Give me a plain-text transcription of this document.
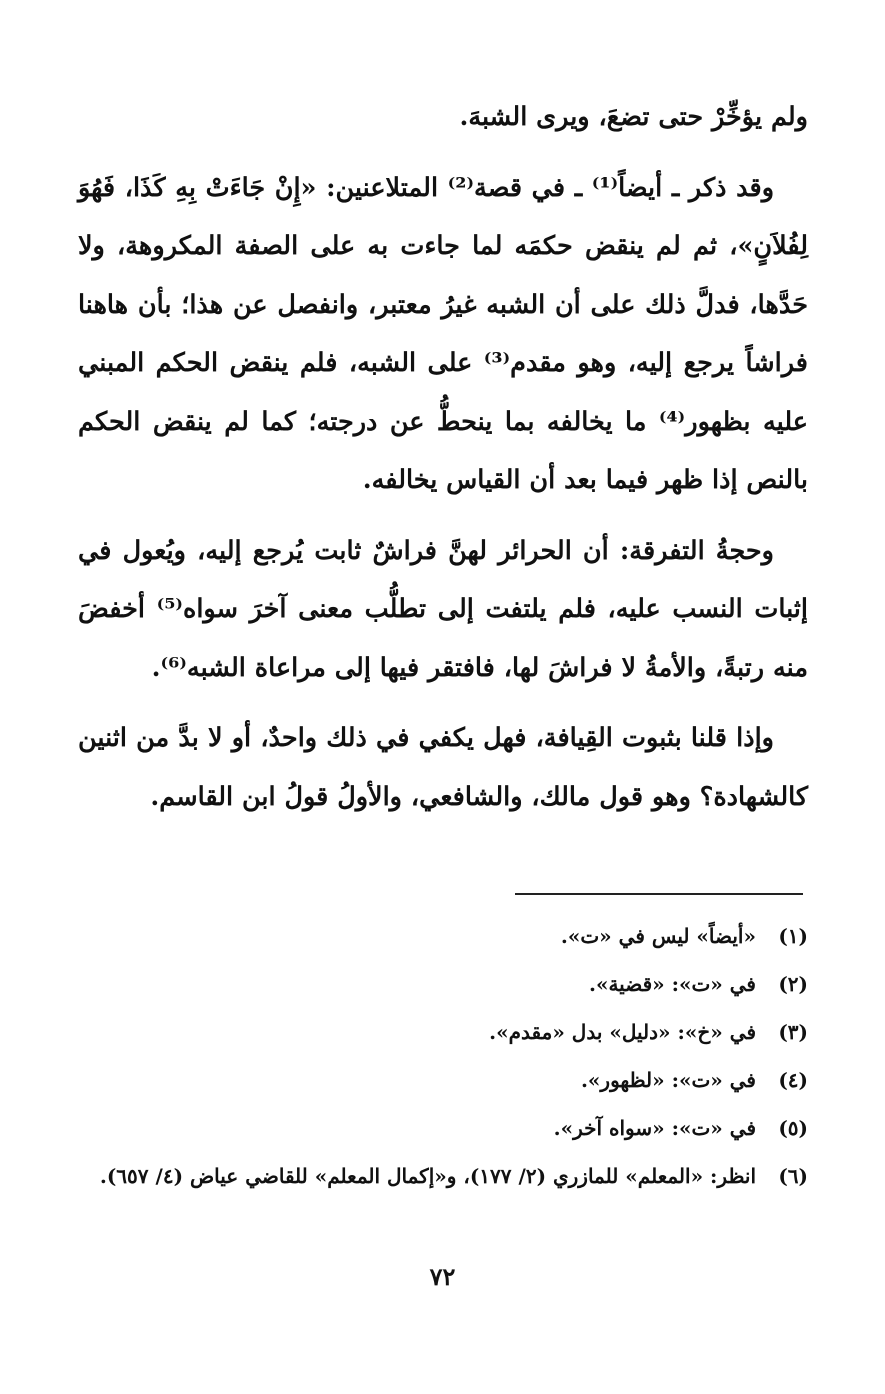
ولم يؤخِّرْ حتى تضعَ، ويرى الشبهَ.

وقد ذكر ـ أيضاً⁽¹⁾ ـ في قصة⁽²⁾ المتلاعنين: «إِنْ جَاءَتْ بِهِ كَذَا، فَهُوَ لِفُلاَنٍ»، ثم لم ينقض حكمَه لما جاءت به على الصفة المكروهة، ولا حَدَّها، فدلَّ ذلك على أن الشبه غيرُ معتبر، وانفصل عن هذا؛ بأن هاهنا فراشاً يرجع إليه، وهو مقدم⁽³⁾ على الشبه، فلم ينقض الحكم المبني عليه بظهور⁽⁴⁾ ما يخالفه بما ينحطُّ عن درجته؛ كما لم ينقض الحكم بالنص إذا ظهر فيما بعد أن القياس يخالفه.

وحجةُ التفرقة: أن الحرائر لهنَّ فراشٌ ثابت يُرجع إليه، ويُعول في إثبات النسب عليه، فلم يلتفت إلى تطلُّب معنى آخرَ سواه⁽⁵⁾ أخفضَ منه رتبةً، والأمةُ لا فراشَ لها، فافتقر فيها إلى مراعاة الشبه⁽⁶⁾.

وإذا قلنا بثبوت القِيافة، فهل يكفي في ذلك واحدٌ، أو لا بدَّ من اثنين كالشهادة؟ وهو قول مالك، والشافعي، والأولُ قولُ ابن القاسم.

(١)
«أيضاً» ليس في «ت».
(٢)
في «ت»: «قضية».
(٣)
في «خ»: «دليل» بدل «مقدم».
(٤)
في «ت»: «لظهور».
(٥)
في «ت»: «سواه آخر».
(٦)
انظر: «المعلم» للمازري (٢/ ١٧٧)، و«إكمال المعلم» للقاضي عياض (٤/ ٦٥٧).
٧٢
